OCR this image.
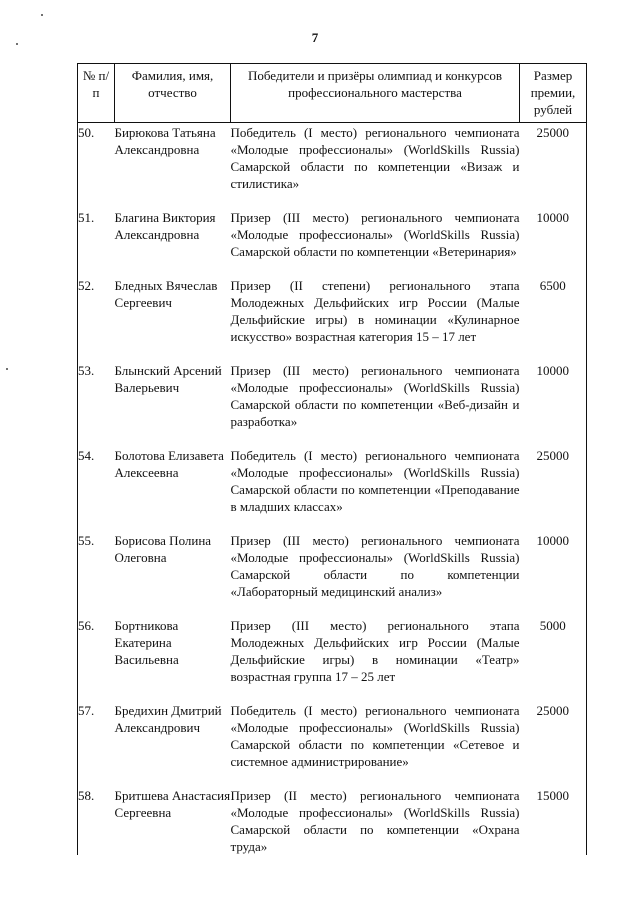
7
№ п/п	Фамилия, имя, отчество	Победители и призёры олимпиад и конкурсов профессионального мастерства	Размер премии, рублей
50.	Бирюкова Татьяна Александровна	Победитель (I место) регионального чемпионата «Молодые профессионалы» (WorldSkills Russia) Самарской области по компетенции «Визаж и стилистика»	25000

51.	Благина Виктория Александровна	Призер (III место) регионального чемпионата «Молодые профессионалы» (WorldSkills Russia) Самарской области по компетенции «Ветеринария»	10000

52.	Бледных Вячеслав Сергеевич	Призер (II степени) регионального этапа Молодежных Дельфийских игр России (Малые Дельфийские игры) в номинации «Кулинарное искусство» возрастная категория 15 – 17 лет	6500

53.	Блынский Арсений Валерьевич	Призер (III место) регионального чемпионата «Молодые профессионалы» (WorldSkills Russia) Самарской области по компетенции «Веб-дизайн и разработка»	10000

54.	Болотова Елизавета Алексеевна	Победитель (I место) регионального чемпионата «Молодые профессионалы» (WorldSkills Russia) Самарской области по компетенции «Преподавание в младших классах»	25000

55.	Борисова Полина Олеговна	Призер (III место) регионального чемпионата «Молодые профессионалы» (WorldSkills Russia) Самарской области по компетенции «Лабораторный медицинский анализ»	10000

56.	Бортникова Екатерина Васильевна	Призер (III место) регионального этапа Молодежных Дельфийских игр России (Малые Дельфийские игры) в номинации «Театр» возрастная группа 17 – 25 лет	5000

57.	Бредихин Дмитрий Александрович	Победитель (I место) регионального чемпионата «Молодые профессионалы» (WorldSkills Russia) Самарской области по компетенции «Сетевое и системное администрирование»	25000

58.	Бритшева Анастасия Сергеевна	Призер (II место) регионального чемпионата «Молодые профессионалы» (WorldSkills Russia) Самарской области по компетенции «Охрана труда»	15000
